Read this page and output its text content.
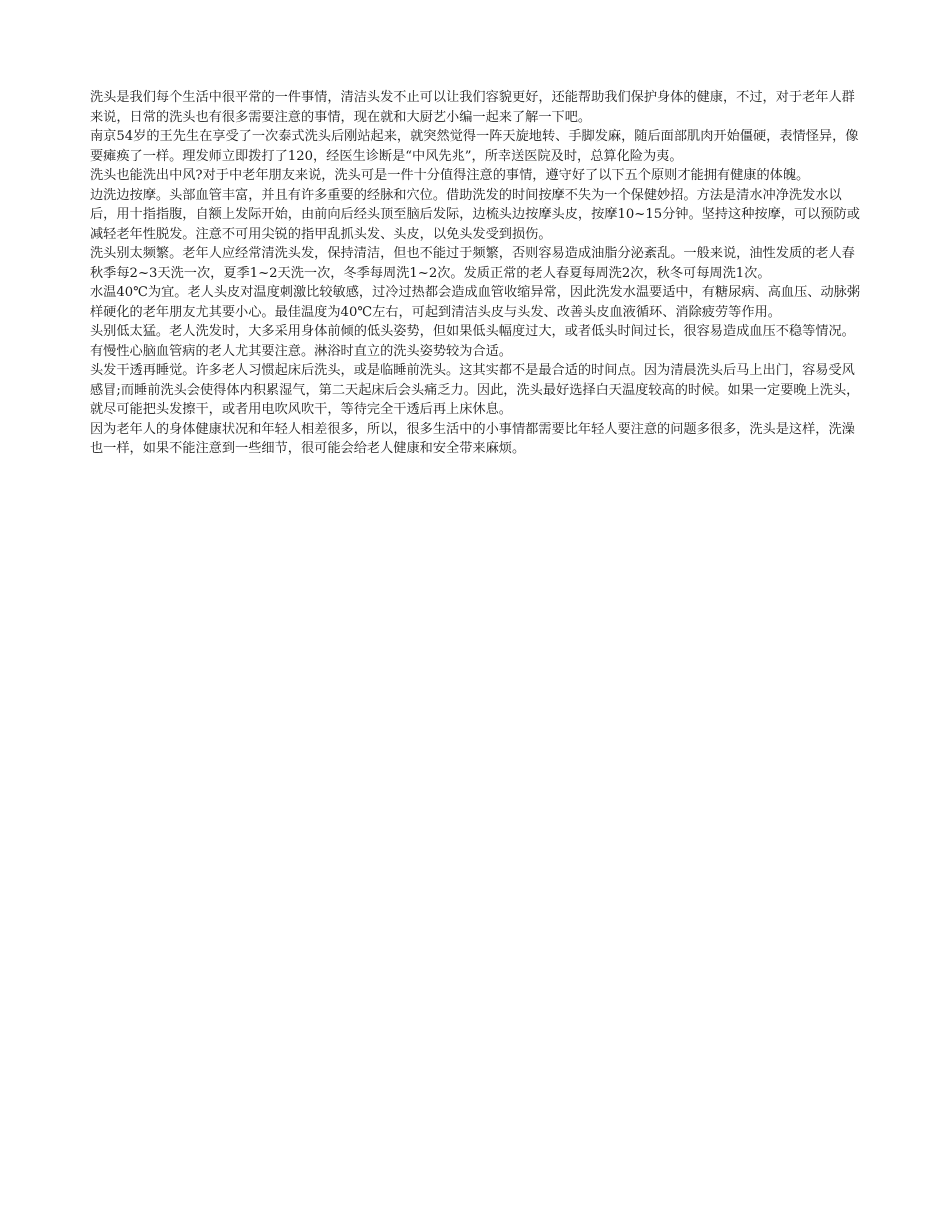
洗头是我们每个生活中很平常的一件事情，清洁头发不止可以让我们容貌更好，还能帮助我们保护身体的健康，不过，对于老年人群来说，日常的洗头也有很多需要注意的事情，现在就和大厨艺小编一起来了解一下吧。

南京54岁的王先生在享受了一次泰式洗头后刚站起来，就突然觉得一阵天旋地转、手脚发麻，随后面部肌肉开始僵硬，表情怪异，像要瘫痪了一样。理发师立即拨打了120，经医生诊断是“中风先兆”，所幸送医院及时，总算化险为夷。

洗头也能洗出中风?对于中老年朋友来说，洗头可是一件十分值得注意的事情，遵守好了以下五个原则才能拥有健康的体魄。

边洗边按摩。头部血管丰富，并且有许多重要的经脉和穴位。借助洗发的时间按摩不失为一个保健妙招。方法是清水冲净洗发水以后，用十指指腹，自额上发际开始，由前向后经头顶至脑后发际，边梳头边按摩头皮，按摩10~15分钟。坚持这种按摩，可以预防或减轻老年性脱发。注意不可用尖锐的指甲乱抓头发、头皮，以免头发受到损伤。

洗头别太频繁。老年人应经常清洗头发，保持清洁，但也不能过于频繁，否则容易造成油脂分泌紊乱。一般来说，油性发质的老人春秋季每2~3天洗一次，夏季1~2天洗一次，冬季每周洗1~2次。发质正常的老人春夏每周洗2次，秋冬可每周洗1次。

水温40℃为宜。老人头皮对温度刺激比较敏感，过冷过热都会造成血管收缩异常，因此洗发水温要适中，有糖尿病、高血压、动脉粥样硬化的老年朋友尤其要小心。最佳温度为40℃左右，可起到清洁头皮与头发、改善头皮血液循环、消除疲劳等作用。

头别低太猛。老人洗发时，大多采用身体前倾的低头姿势，但如果低头幅度过大，或者低头时间过长，很容易造成血压不稳等情况。有慢性心脑血管病的老人尤其要注意。淋浴时直立的洗头姿势较为合适。

头发干透再睡觉。许多老人习惯起床后洗头，或是临睡前洗头。这其实都不是最合适的时间点。因为清晨洗头后马上出门，容易受风感冒;而睡前洗头会使得体内积累湿气，第二天起床后会头痛乏力。因此，洗头最好选择白天温度较高的时候。如果一定要晚上洗头，就尽可能把头发擦干，或者用电吹风吹干，等待完全干透后再上床休息。

因为老年人的身体健康状况和年轻人相差很多，所以，很多生活中的小事情都需要比年轻人要注意的问题多很多，洗头是这样，洗澡也一样，如果不能注意到一些细节，很可能会给老人健康和安全带来麻烦。
